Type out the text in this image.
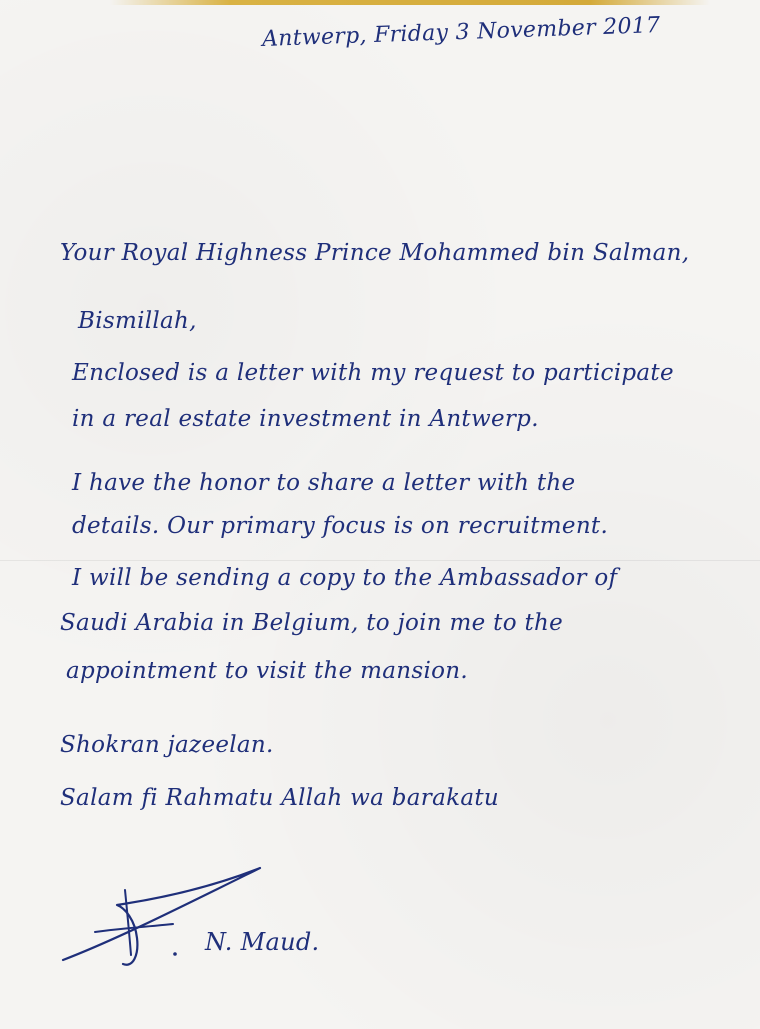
Antwerp, Friday 3 November 2017

Your Royal Highness Prince Mohammed bin Salman,

Bismillah,

Enclosed is a letter with my request to participate

in a real estate investment in Antwerp.

I have the honor to share a letter with the

details. Our primary focus is on recruitment.

I will be sending a copy to the Ambassador of

Saudi Arabia in Belgium, to join me to the

appointment to visit the mansion.

Shokran jazeelan.

Salam fi Rahmatu Allah wa barakatu

N. Maud.
